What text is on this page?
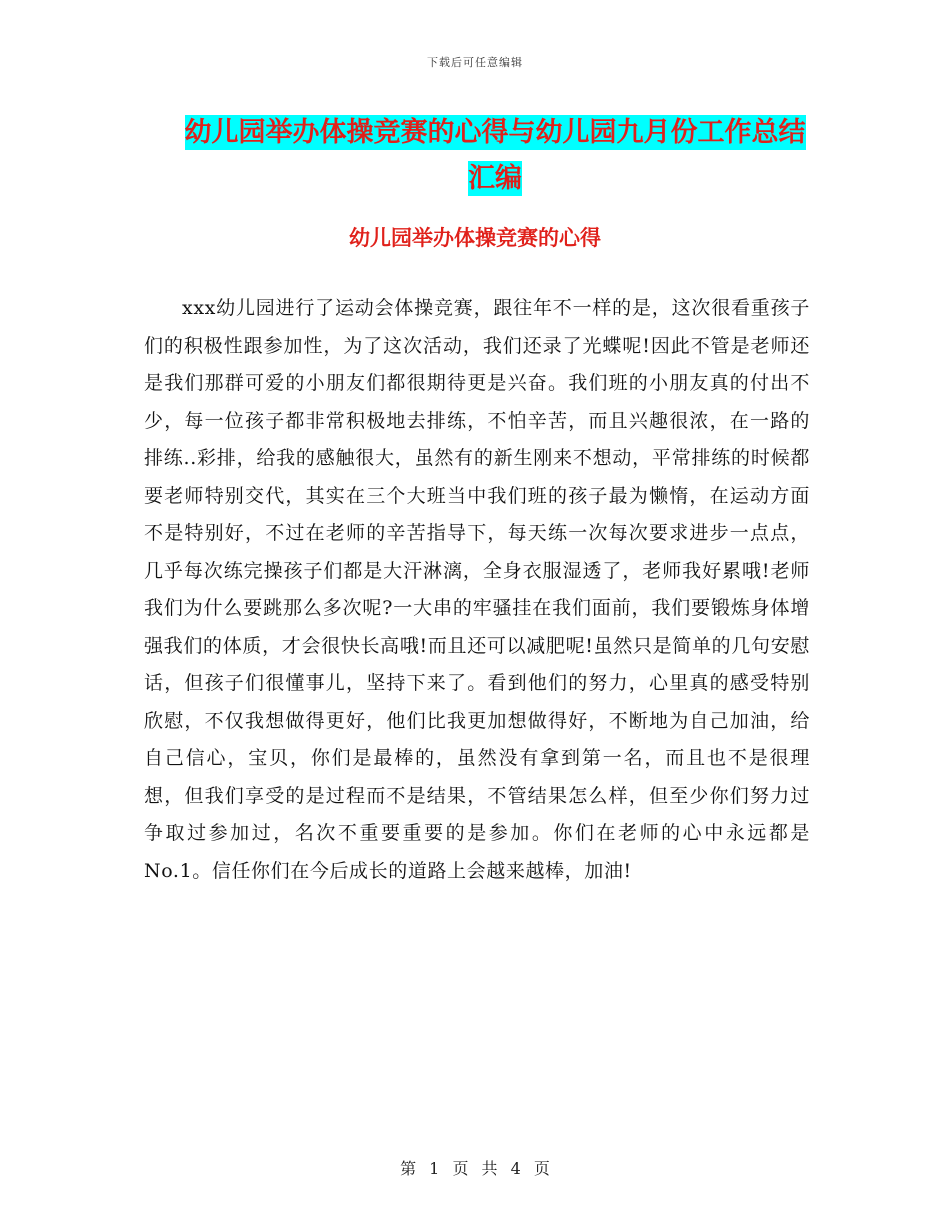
下载后可任意编辑
幼儿园举办体操竞赛的心得与幼儿园九月份工作总结
汇编
幼儿园举办体操竞赛的心得

xxx幼儿园进行了运动会体操竞赛，跟往年不一样的是，这次很看重孩子们的积极性跟参加性，为了这次活动，我们还录了光蝶呢!因此不管是老师还是我们那群可爱的小朋友们都很期待更是兴奋。我们班的小朋友真的付出不少，每一位孩子都非常积极地去排练，不怕辛苦，而且兴趣很浓，在一路的排练..彩排，给我的感触很大，虽然有的新生刚来不想动，平常排练的时候都要老师特别交代，其实在三个大班当中我们班的孩子最为懒惰，在运动方面不是特别好，不过在老师的辛苦指导下，每天练一次每次要求进步一点点，几乎每次练完操孩子们都是大汗淋漓，全身衣服湿透了，老师我好累哦!老师我们为什么要跳那么多次呢?一大串的牢骚挂在我们面前，我们要锻炼身体增强我们的体质，才会很快长高哦!而且还可以减肥呢!虽然只是简单的几句安慰话，但孩子们很懂事儿，坚持下来了。看到他们的努力，心里真的感受特别欣慰，不仅我想做得更好，他们比我更加想做得好，不断地为自己加油，给自己信心，宝贝，你们是最棒的，虽然没有拿到第一名，而且也不是很理想，但我们享受的是过程而不是结果，不管结果怎么样，但至少你们努力过争取过参加过，名次不重要重要的是参加。你们在老师的心中永远都是No.1。信任你们在今后成长的道路上会越来越棒，加油!

第 1 页 共 4 页
